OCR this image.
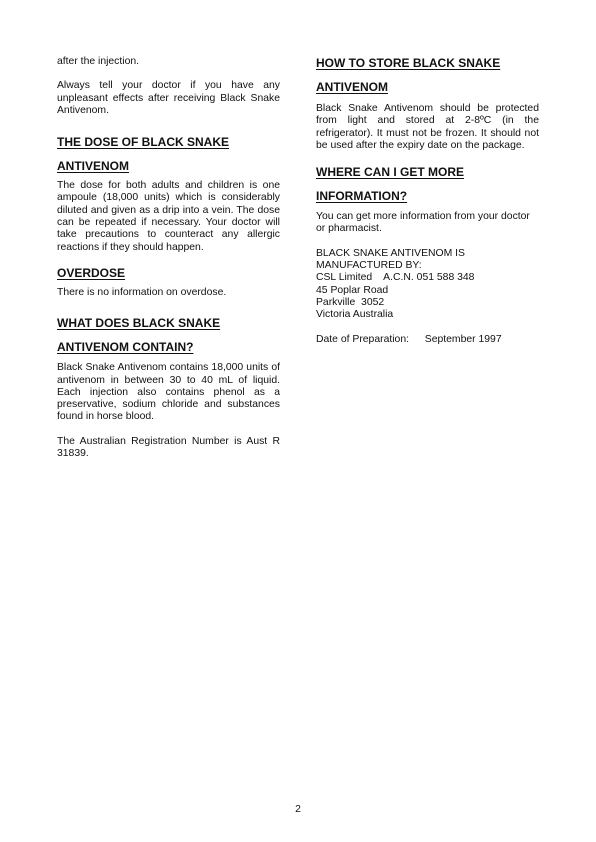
after the injection.

Always tell your doctor if you have any unpleasant effects after receiving Black Snake Antivenom.

THE DOSE OF BLACK SNAKE
ANTIVENOM

The dose for both adults and children is one ampoule (18,000 units) which is considerably diluted and given as a drip into a vein. The dose can be repeated if necessary. Your doctor will take precautions to counteract any allergic reactions if they should happen.

OVERDOSE

There is no information on overdose.

WHAT DOES BLACK SNAKE
ANTIVENOM CONTAIN?

Black Snake Antivenom contains 18,000 units of antivenom in between 30 to 40 mL of liquid. Each injection also contains phenol as a preservative, sodium chloride and substances found in horse blood.

The Australian Registration Number is Aust R 31839.

HOW TO STORE BLACK SNAKE
ANTIVENOM

Black Snake Antivenom should be protected from light and stored at 2-8ºC (in the refrigerator). It must not be frozen. It should not be used after the expiry date on the package.

WHERE CAN I GET MORE
INFORMATION?

You can get more information from your doctor or pharmacist.

BLACK SNAKE ANTIVENOM IS
MANUFACTURED BY:
CSL Limited    A.C.N. 051 588 348
45 Poplar Road
Parkville  3052
Victoria Australia

Date of Preparation: September 1997

2
